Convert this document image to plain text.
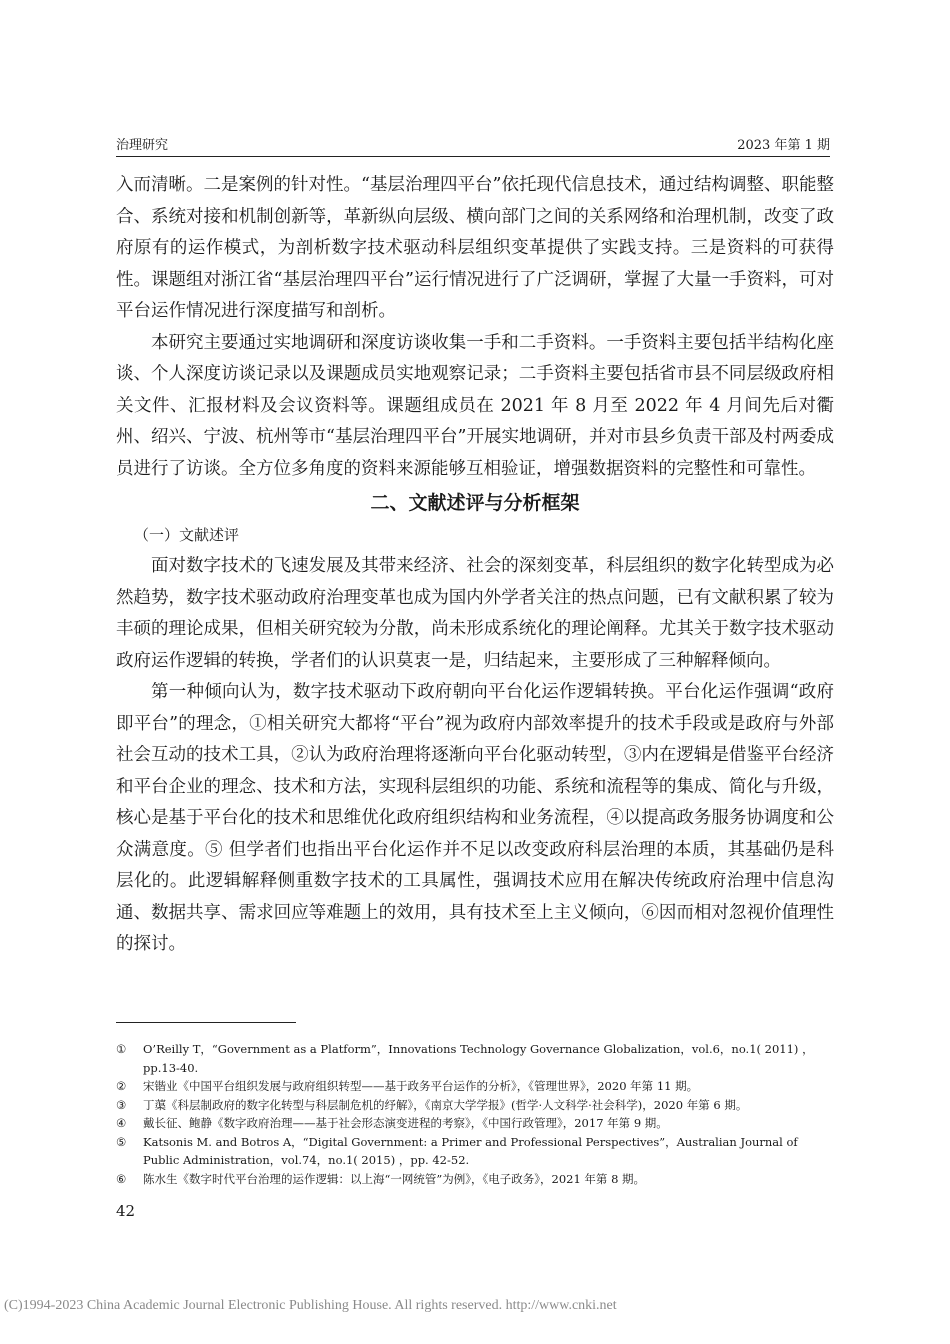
治理研究	2023 年第 1 期

入而清晰。二是案例的针对性。“基层治理四平台”依托现代信息技术，通过结构调整、职能整合、系统对接和机制创新等，革新纵向层级、横向部门之间的关系网络和治理机制，改变了政府原有的运作模式，为剖析数字技术驱动科层组织变革提供了实践支持。三是资料的可获得性。课题组对浙江省“基层治理四平台”运行情况进行了广泛调研，掌握了大量一手资料，可对平台运作情况进行深度描写和剖析。

本研究主要通过实地调研和深度访谈收集一手和二手资料。一手资料主要包括半结构化座谈、个人深度访谈记录以及课题成员实地观察记录；二手资料主要包括省市县不同层级政府相关文件、汇报材料及会议资料等。课题组成员在 2021 年 8 月至 2022 年 4 月间先后对衢州、绍兴、宁波、杭州等市“基层治理四平台”开展实地调研，并对市县乡负责干部及村两委成员进行了访谈。全方位多角度的资料来源能够互相验证，增强数据资料的完整性和可靠性。

二、文献述评与分析框架

（一）文献述评

面对数字技术的飞速发展及其带来经济、社会的深刻变革，科层组织的数字化转型成为必然趋势，数字技术驱动政府治理变革也成为国内外学者关注的热点问题，已有文献积累了较为丰硕的理论成果，但相关研究较为分散，尚未形成系统化的理论阐释。尤其关于数字技术驱动政府运作逻辑的转换，学者们的认识莫衷一是，归结起来，主要形成了三种解释倾向。

第一种倾向认为，数字技术驱动下政府朝向平台化运作逻辑转换。平台化运作强调“政府即平台”的理念，①相关研究大都将“平台”视为政府内部效率提升的技术手段或是政府与外部社会互动的技术工具，②认为政府治理将逐渐向平台化驱动转型，③内在逻辑是借鉴平台经济和平台企业的理念、技术和方法，实现科层组织的功能、系统和流程等的集成、简化与升级，核心是基于平台化的技术和思维优化政府组织结构和业务流程，④以提高政务服务协调度和公众满意度。⑤ 但学者们也指出平台化运作并不足以改变政府科层治理的本质，其基础仍是科层化的。此逻辑解释侧重数字技术的工具属性，强调技术应用在解决传统政府治理中信息沟通、数据共享、需求回应等难题上的效用，具有技术至上主义倾向，⑥因而相对忽视价值理性的探讨。

①	O’Reilly T，“Government as a Platform”，Innovations Technology Governance Globalization，vol.6，no.1( 2011) ，pp.13-40.

②	宋锴业《中国平台组织发展与政府组织转型——基于政务平台运作的分析》，《管理世界》，2020 年第 11 期。

③	丁蕖《科层制政府的数字化转型与科层制危机的纾解》，《南京大学学报》(哲学·人文科学·社会科学)，2020 年第 6 期。

④	戴长征、鲍静《数字政府治理——基于社会形态演变进程的考察》，《中国行政管理》，2017 年第 9 期。

⑤	Katsonis M. and Botros A，“Digital Government: a Primer and Professional Perspectives”，Australian Journal of Public Administration，vol.74，no.1( 2015) ，pp. 42-52.

⑥	陈水生《数字时代平台治理的运作逻辑：以上海“一网统管”为例》，《电子政务》，2021 年第 8 期。

42
(C)1994-2023 China Academic Journal Electronic Publishing House. All rights reserved. http://www.cnki.net
